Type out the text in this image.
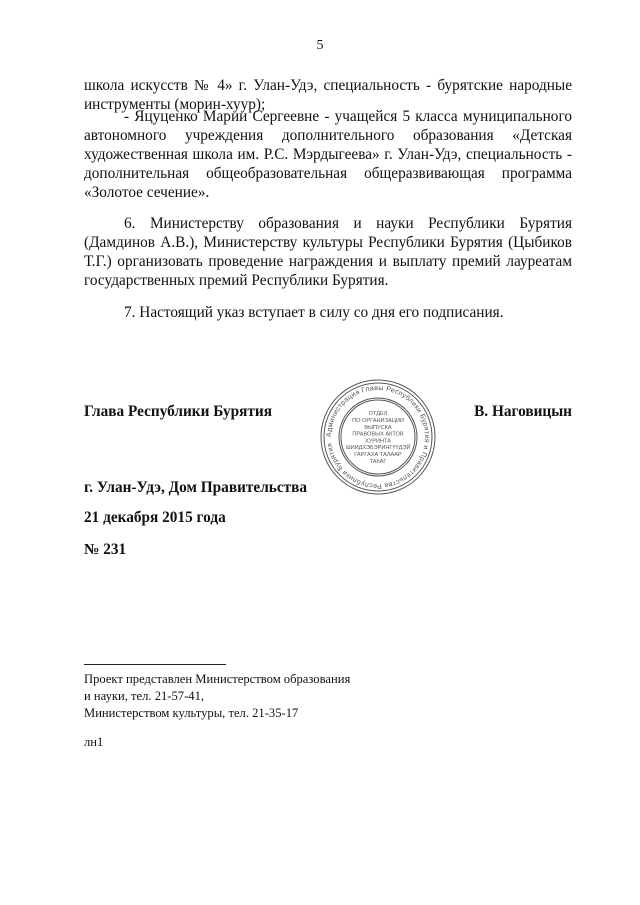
5
школа искусств № 4» г. Улан-Удэ, специальность - бурятские народные инструменты (морин-хуур);
- Яцуценко Марии Сергеевне - учащейся 5 класса муниципального автономного учреждения дополнительного образования «Детская художественная школа им. Р.С. Мэрдыгеева» г. Улан-Удэ, специальность - дополнительная общеобразовательная общеразвивающая программа «Золотое сечение».
6. Министерству образования и науки Республики Бурятия (Дамдинов А.В.), Министерству культуры Республики Бурятия (Цыбиков Т.Г.) организовать проведение награждения и выплату премий лауреатам государственных премий Республики Бурятия.
7. Настоящий указ вступает в силу со дня его подписания.
Глава Республики Бурятия	В. Наговицын
Администрация Главы Республики Бурятия и Правительства Республики Бурятия
ОТДЕЛ
ПО ОРГАНИЗАЦИИ
ВЫПУСКА
ПРАВОВЫХ АКТОВ
ХУРИНТА
ШИИДХЭБЭРИНГҮҮДЭЙ
ГАРГАХА ТАЛААР
ТАһАГ
г. Улан-Удэ, Дом Правительства
21 декабря 2015 года
№ 231
Проект представлен Министерством образования
и науки, тел. 21-57-41,
Министерством культуры, тел. 21-35-17
лн1
